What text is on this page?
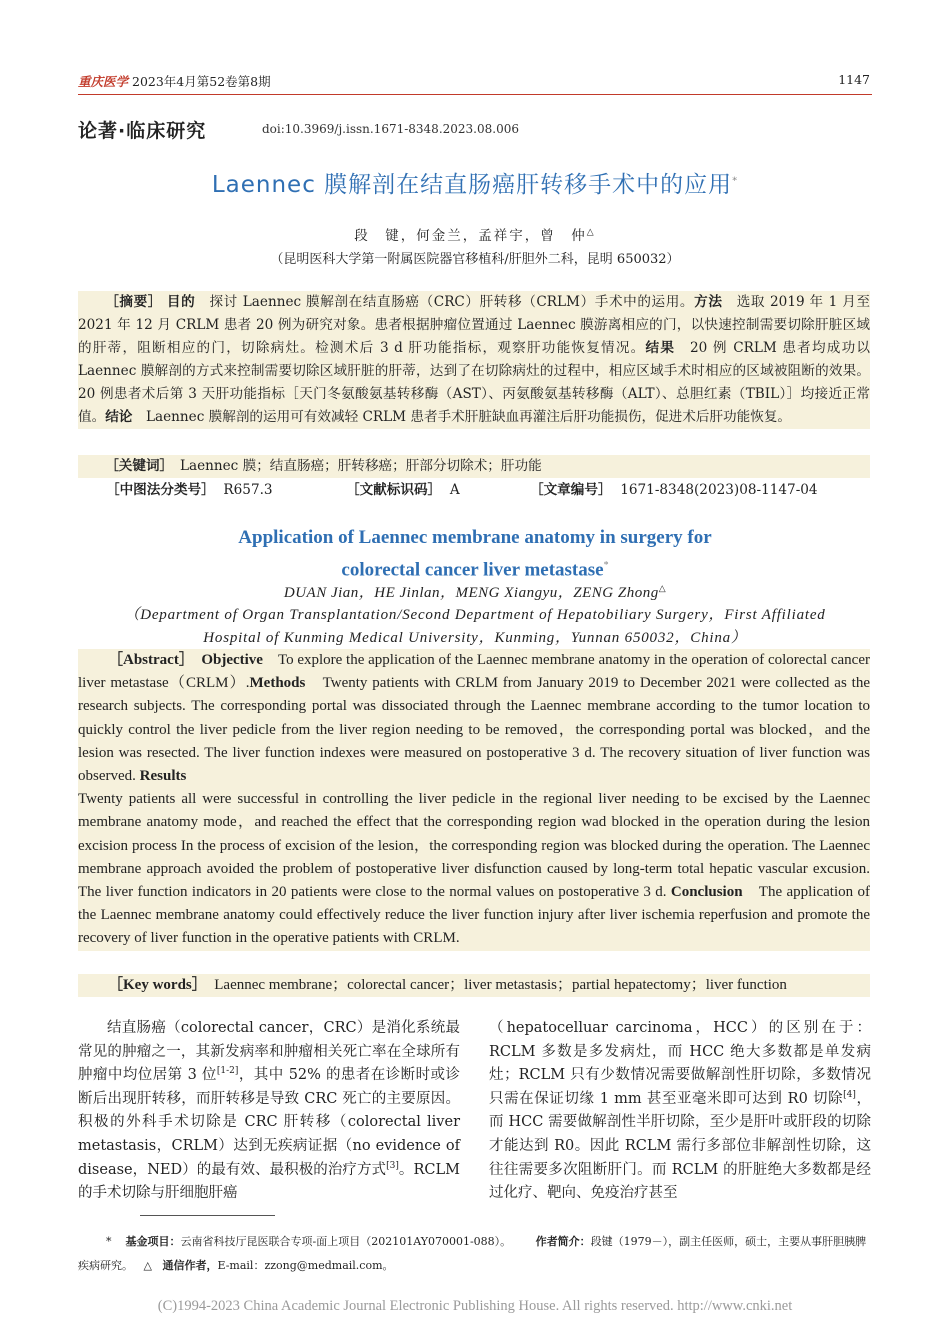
重庆医学 2023年4月第52卷第8期	1147
论著·临床研究	doi:10.3969/j.issn.1671-8348.2023.08.006
Laennec 膜解剖在结直肠癌肝转移手术中的应用*
段　键，何金兰，孟祥宇，曾　仲△
（昆明医科大学第一附属医院器官移植科/肝胆外二科，昆明 650032）

［摘要］ 目的　探讨 Laennec 膜解剖在结直肠癌（CRC）肝转移（CRLM）手术中的运用。方法　选取 2019 年 1 月至 2021 年 12 月 CRLM 患者 20 例为研究对象。患者根据肿瘤位置通过 Laennec 膜游离相应的门，以快速控制需要切除肝脏区域的肝蒂，阻断相应的门，切除病灶。检测术后 3 d 肝功能指标，观察肝功能恢复情况。结果　20 例 CRLM 患者均成功以 Laennec 膜解剖的方式来控制需要切除区域肝脏的肝蒂，达到了在切除病灶的过程中，相应区域手术时相应的区域被阻断的效果。20 例患者术后第 3 天肝功能指标［天门冬氨酸氨基转移酶（AST）、丙氨酸氨基转移酶（ALT）、总胆红素（TBIL）］均接近正常值。结论　Laennec 膜解剖的运用可有效减轻 CRLM 患者手术肝脏缺血再灌注后肝功能损伤，促进术后肝功能恢复。

［关键词］　Laennec 膜；结直肠癌；肝转移癌；肝部分切除术；肝功能
［中图法分类号］ R657.3	［文献标识码］ A	［文章编号］ 1671-8348(2023)08-1147-04
Application of Laennec membrane anatomy in surgery for
colorectal cancer liver metastase*
DUAN Jian，HE Jinlan，MENG Xiangyu，ZENG Zhong△
（Department of Organ Transplantation/Second Department of Hepatobiliary Surgery，First Affiliated Hospital of Kunming Medical University，Kunming，Yunnan 650032，China）

［Abstract］ Objective　To explore the application of the Laennec membrane anatomy in the operation of colorectal cancer liver metastase（CRLM）.Methods　Twenty patients with CRLM from January 2019 to December 2021 were collected as the research subjects. The corresponding portal was dissociated through the Laennec membrane according to the tumor location to quickly control the liver pedicle from the liver region needing to be removed，the corresponding portal was blocked，and the lesion was resected. The liver function indexes were measured on postoperative 3 d. The recovery situation of liver function was observed. Results
Twenty patients all were successful in controlling the liver pedicle in the regional liver needing to be excised by the Laennec membrane anatomy mode，and reached the effect that the corresponding region wad blocked in the operation during the lesion excision process In the process of excision of the lesion，the corresponding region was blocked during the operation. The Laennec membrane approach avoided the problem of postoperative liver disfunction caused by long-term total hepatic vascular excusion. The liver function indicators in 20 patients were close to the normal values on postoperative 3 d. Conclusion　The application of the Laennec membrane anatomy could effectively reduce the liver function injury after liver ischemia reperfusion and promote the recovery of liver function in the operative patients with CRLM.

［Key words］　Laennec membrane；colorectal cancer；liver metastasis；partial hepatectomy；liver function

结直肠癌（colorectal cancer，CRC）是消化系统最常见的肿瘤之一，其新发病率和肿瘤相关死亡率在全球所有肿瘤中均位居第 3 位[1-2]，其中 52% 的患者在诊断时或诊断后出现肝转移，而肝转移是导致 CRC 死亡的主要原因。积极的外科手术切除是 CRC 肝转移（colorectal liver metastasis，CRLM）达到无疾病证据（no evidence of disease，NED）的最有效、最积极的治疗方式[3]。RCLM 的手术切除与肝细胞肝癌

（hepatocelluar carcinoma，HCC）的区别在于：RCLM 多数是多发病灶，而 HCC 绝大多数都是单发病灶；RCLM 只有少数情况需要做解剖性肝切除，多数情况只需在保证切缘 1 mm 甚至亚毫米即可达到 R0 切除[4]，而 HCC 需要做解剖性半肝切除，至少是肝叶或肝段的切除才能达到 R0。因此 RCLM 需行多部位非解剖性切除，这往往需要多次阻断肝门。而 RCLM 的肝脏绝大多数都是经过化疗、靶向、免疫治疗甚至

* 基金项目：云南省科技厅昆医联合专项-面上项目（202101AY070001-088）。 作者简介：段键（1979－），副主任医师，硕士，主要从事肝胆胰脾疾病研究。 △ 通信作者，E-mail：zzong@medmail.com。
(C)1994-2023 China Academic Journal Electronic Publishing House. All rights reserved. http://www.cnki.net
